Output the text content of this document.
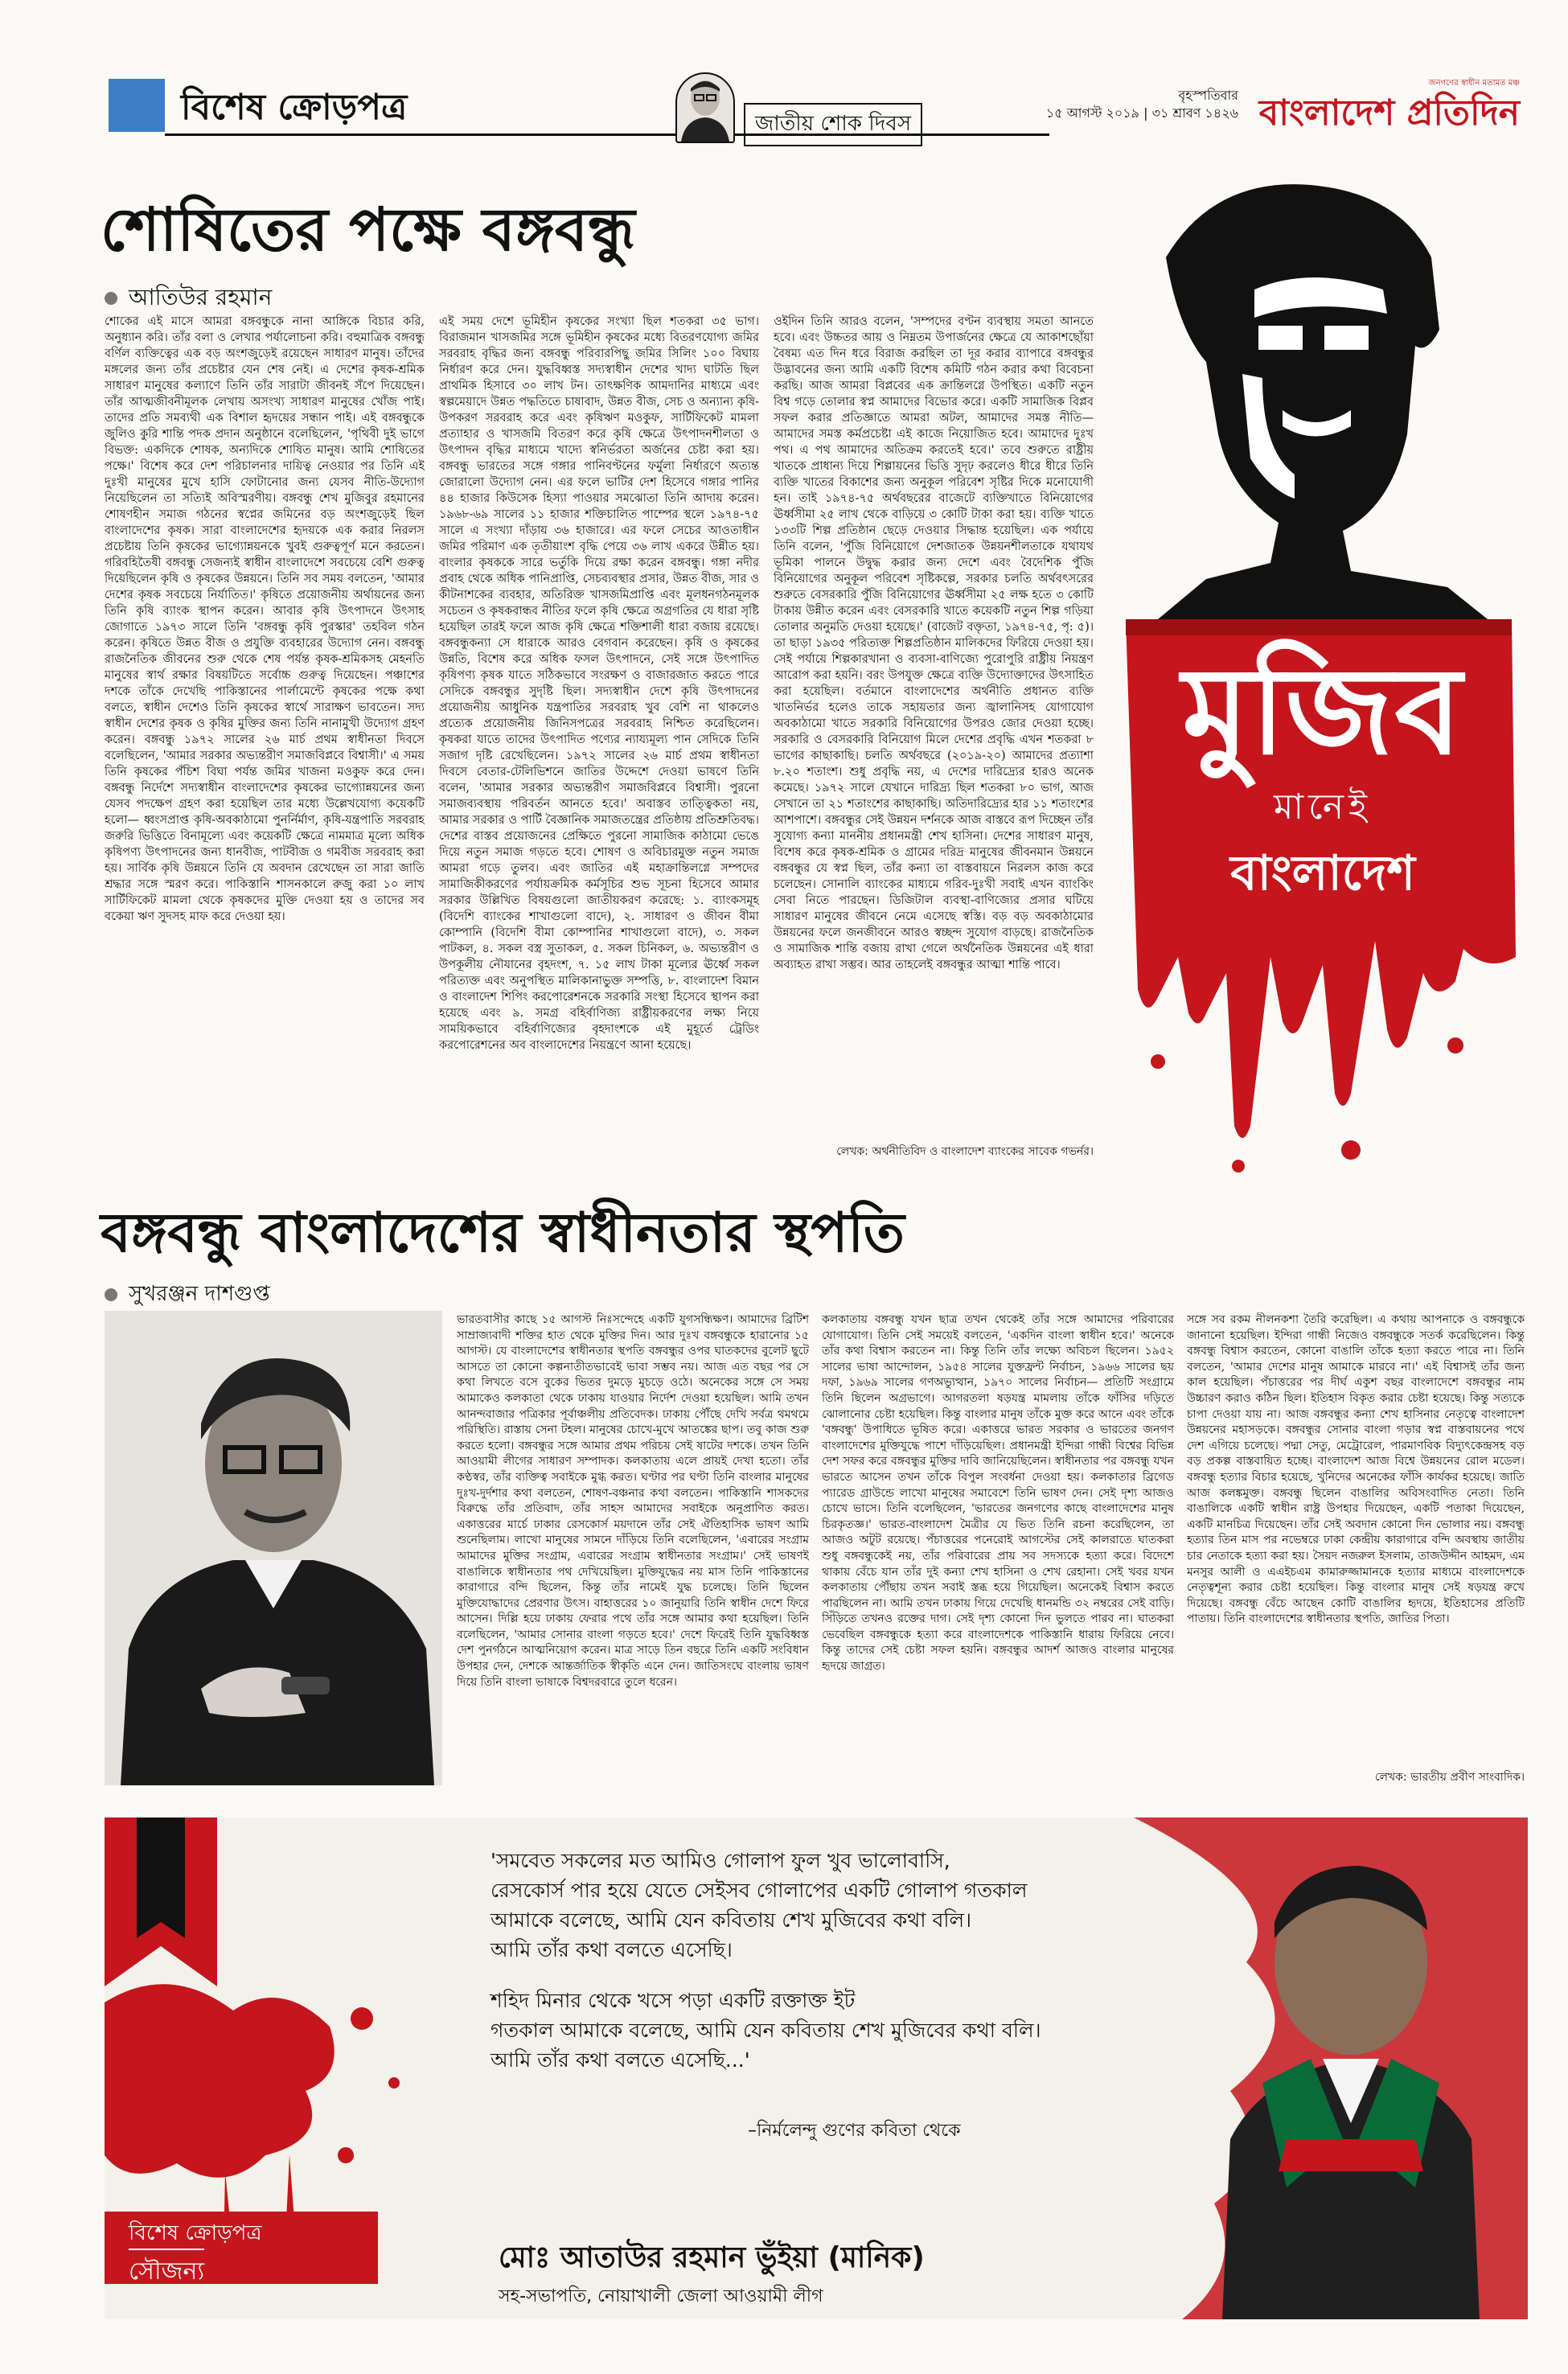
বিশেষ ক্রোড়পত্র	জাতীয় শোক দিবস
বৃহস্পতিবার
১৫ আগস্ট ২০১৯ | ৩১ শ্রাবণ ১৪২৬
জনগণের স্বাধীন মতামত মঞ্চ
বাংলাদেশ প্রতিদিন
শোষিতের পক্ষে বঙ্গবন্ধু
আতিউর রহমান
শোকের এই মাসে আমরা বঙ্গবন্ধুকে নানা আঙ্গিকে বিচার করি, অনুধ্যান করি। তাঁর বলা ও লেখার পর্যালোচনা করি। বহুমাত্রিক বঙ্গবন্ধু বর্ণিল ব্যক্তিত্বের এক বড় অংশজুড়েই রয়েছেন সাধারণ মানুষ। তাঁদের মঙ্গলের জন্য তাঁর প্রচেষ্টার যেন শেষ নেই। এ দেশের কৃষক-শ্রমিক সাধারণ মানুষের কল্যাণে তিনি তাঁর সারাটা জীবনই সঁপে দিয়েছেন। তাঁর আত্মজীবনীমূলক লেখায় অসংখ্য সাধারণ মানুষের খোঁজ পাই। তাদের প্রতি সমব্যথী এক বিশাল হৃদয়ের সন্ধান পাই। এই বঙ্গবন্ধুকে জুলিও কুরি শান্তি পদক প্রদান অনুষ্ঠানে বলেছিলেন, 'পৃথিবী দুই ভাগে বিভক্ত: একদিকে শোষক, অন্যদিকে শোষিত মানুষ। আমি শোষিতের পক্ষে।' বিশেষ করে দেশ পরিচালনার দায়িত্ব নেওয়ার পর তিনি এই দুঃখী মানুষের মুখে হাসি ফোটানোর জন্য যেসব নীতি-উদ্যোগ নিয়েছিলেন তা সত্যিই অবিস্মরণীয়। বঙ্গবন্ধু শেখ মুজিবুর রহমানের শোষণহীন সমাজ গঠনের স্বপ্নের জমিনের বড় অংশজুড়েই ছিল বাংলাদেশের কৃষক। সারা বাংলাদেশের হৃদয়কে এক করার নিরলস প্রচেষ্টায় তিনি কৃষকের ভাগ্যোন্নয়নকে খুবই গুরুত্বপূর্ণ মনে করতেন। গরিবহিতৈষী বঙ্গবন্ধু সেজন্যই স্বাধীন বাংলাদেশে সবচেয়ে বেশি গুরুত্ব দিয়েছিলেন কৃষি ও কৃষকের উন্নয়নে। তিনি সব সময় বলতেন, 'আমার দেশের কৃষক সবচেয়ে নির্যাতিত।' কৃষিতে প্রয়োজনীয় অর্থায়নের জন্য তিনি কৃষি ব্যাংক স্থাপন করেন। আবার কৃষি উৎপাদনে উৎসাহ জোগাতে ১৯৭৩ সালে তিনি 'বঙ্গবন্ধু কৃষি পুরস্কার' তহবিল গঠন করেন। কৃষিতে উন্নত বীজ ও প্রযুক্তি ব্যবহারের উদ্যোগ নেন। বঙ্গবন্ধু রাজনৈতিক জীবনের শুরু থেকে শেষ পর্যন্ত কৃষক-শ্রমিকসহ মেহনতি মানুষের স্বার্থ রক্ষার বিষয়টিতে সর্বোচ্চ গুরুত্ব দিয়েছেন। পঞ্চাশের দশকে তাঁকে দেখেছি পাকিস্তানের পার্লামেন্টে কৃষকের পক্ষে কথা বলতে, স্বাধীন দেশেও তিনি কৃষকের স্বার্থে সারাক্ষণ ভাবতেন। সদ্য স্বাধীন দেশের কৃষক ও কৃষির মুক্তির জন্য তিনি নানামুখী উদ্যোগ গ্রহণ করেন। বঙ্গবন্ধু ১৯৭২ সালের ২৬ মার্চ প্রথম স্বাধীনতা দিবসে বলেছিলেন, 'আমার সরকার অভ্যন্তরীণ সমাজবিপ্লবে বিশ্বাসী।' এ সময় তিনি কৃষকের পঁচিশ বিঘা পর্যন্ত জমির খাজনা মওকুফ করে দেন। বঙ্গবন্ধু নির্দেশে সদ্যস্বাধীন বাংলাদেশের কৃষকের ভাগ্যোন্নয়নের জন্য যেসব পদক্ষেপ গ্রহণ করা হয়েছিল তার মধ্যে উল্লেখযোগ্য কয়েকটি হলো— ধ্বংসপ্রাপ্ত কৃষি-অবকাঠামো পুনর্নির্মাণ, কৃষি-যন্ত্রপাতি সরবরাহ জরুরি ভিত্তিতে বিনামূল্যে এবং কয়েকটি ক্ষেত্রে নামমাত্র মূল্যে অধিক কৃষিপণ্য উৎপাদনের জন্য ধানবীজ, পাটবীজ ও গমবীজ সরবরাহ করা হয়। সার্বিক কৃষি উন্নয়নে তিনি যে অবদান রেখেছেন তা সারা জাতি শ্রদ্ধার সঙ্গে স্মরণ করে। পাকিস্তানি শাসনকালে রুজু করা ১০ লাখ সার্টিফিকেট মামলা থেকে কৃষকদের মুক্তি দেওয়া হয় ও তাদের সব বকেয়া ঋণ সুদসহ মাফ করে দেওয়া হয়।
এই সময় দেশে ভূমিহীন কৃষকের সংখ্যা ছিল শতকরা ৩৫ ভাগ। বিরাজমান খাসজমির সঙ্গে ভূমিহীন কৃষকের মধ্যে বিতরণযোগ্য জমির সরবরাহ বৃদ্ধির জন্য বঙ্গবন্ধু পরিবারপিছু জমির সিলিং ১০০ বিঘায় নির্ধারণ করে দেন। যুদ্ধবিধ্বস্ত সদ্যস্বাধীন দেশের খাদ্য ঘাটতি ছিল প্রাথমিক হিসাবে ৩০ লাখ টন। তাৎক্ষণিক আমদানির মাধ্যমে এবং স্বল্পমেয়াদে উন্নত পদ্ধতিতে চাষাবাদ, উন্নত বীজ, সেচ ও অন্যান্য কৃষি-উপকরণ সরবরাহ করে এবং কৃষিঋণ মওকুফ, সার্টিফিকেট মামলা প্রত্যাহার ও খাসজমি বিতরণ করে কৃষি ক্ষেত্রে উৎপাদনশীলতা ও উৎপাদন বৃদ্ধির মাধ্যমে খাদ্যে স্বনির্ভরতা অর্জনের চেষ্টা করা হয়। বঙ্গবন্ধু ভারতের সঙ্গে গঙ্গার পানিবণ্টনের ফর্মুলা নির্ধারণে অত্যন্ত জোরালো উদ্যোগ নেন। এর ফলে ভাটির দেশ হিসেবে গঙ্গার পানির ৪৪ হাজার কিউসেক হিস্যা পাওয়ার সমঝোতা তিনি আদায় করেন। ১৯৬৮-৬৯ সালের ১১ হাজার শক্তিচালিত পাম্পের স্থলে ১৯৭৪-৭৫ সালে এ সংখ্যা দাঁড়ায় ৩৬ হাজারে। এর ফলে সেচের আওতাধীন জমির পরিমাণ এক তৃতীয়াংশ বৃদ্ধি পেয়ে ৩৬ লাখ একরে উন্নীত হয়। বাংলার কৃষককে সারে ভর্তুকি দিয়ে রক্ষা করেন বঙ্গবন্ধু। গঙ্গা নদীর প্রবাহ থেকে অধিক পানিপ্রাপ্তি, সেচব্যবস্থার প্রসার, উন্নত বীজ, সার ও কীটনাশকের ব্যবহার, অতিরিক্ত খাসজমিপ্রাপ্তি এবং মূলধনগঠনমূলক সচেতন ও কৃষকবান্ধব নীতির ফলে কৃষি ক্ষেত্রে অগ্রগতির যে ধারা সৃষ্টি হয়েছিল তারই ফলে আজ কৃষি ক্ষেত্রে শক্তিশালী ধারা বজায় রয়েছে। বঙ্গবন্ধুকন্যা সে ধারাকে আরও বেগবান করেছেন। কৃষি ও কৃষকের উন্নতি, বিশেষ করে অধিক ফসল উৎপাদনে, সেই সঙ্গে উৎপাদিত কৃষিপণ্য কৃষক যাতে সঠিকভাবে সংরক্ষণ ও বাজারজাত করতে পারে সেদিকে বঙ্গবন্ধুর সুদৃষ্টি ছিল। সদ্যস্বাধীন দেশে কৃষি উৎপাদনের প্রয়োজনীয় আধুনিক যন্ত্রপাতির সরবরাহ খুব বেশি না থাকলেও প্রত্যেক প্রয়োজনীয় জিনিসপত্রের সরবরাহ নিশ্চিত করেছিলেন। কৃষকরা যাতে তাদের উৎপাদিত পণ্যের ন্যায্যমূল্য পান সেদিকে তিনি সজাগ দৃষ্টি রেখেছিলেন। ১৯৭২ সালের ২৬ মার্চ প্রথম স্বাধীনতা দিবসে বেতার-টেলিভিশনে জাতির উদ্দেশে দেওয়া ভাষণে তিনি বলেন, 'আমার সরকার অভ্যন্তরীণ সমাজবিপ্লবে বিশ্বাসী। পুরনো সমাজব্যবস্থায় পরিবর্তন আনতে হবে।' অবাস্তব তাত্ত্বিকতা নয়, আমার সরকার ও পার্টি বৈজ্ঞানিক সমাজতন্ত্রের প্রতিষ্ঠায় প্রতিশ্রুতিবদ্ধ। দেশের বাস্তব প্রয়োজনের প্রেক্ষিতে পুরনো সামাজিক কাঠামো ভেঙে দিয়ে নতুন সমাজ গড়তে হবে। শোষণ ও অবিচারমুক্ত নতুন সমাজ আমরা গড়ে তুলব। এবং জাতির এই মহাক্রান্তিলগ্নে সম্পদের সামাজিকীকরণের পর্যায়ক্রমিক কর্মসূচির শুভ সূচনা হিসেবে আমার সরকার উল্লিখিত বিষয়গুলো জাতীয়করণ করেছে: ১. ব্যাংকসমূহ (বিদেশি ব্যাংকের শাখাগুলো বাদে), ২. সাধারণ ও জীবন বীমা কোম্পানি (বিদেশি বীমা কোম্পানির শাখাগুলো বাদে), ৩. সকল পাটকল, ৪. সকল বস্ত্র সুতাকল, ৫. সকল চিনিকল, ৬. অভ্যন্তরীণ ও উপকূলীয় নৌযানের বৃহদংশ, ৭. ১৫ লাখ টাকা মূল্যের ঊর্ধ্বে সকল পরিত্যক্ত এবং অনুপস্থিত মালিকানাভুক্ত সম্পত্তি, ৮. বাংলাদেশ বিমান ও বাংলাদেশ শিপিং করপোরেশনকে সরকারি সংস্থা হিসেবে স্থাপন করা হয়েছে এবং ৯. সমগ্র বহির্বাণিজ্য রাষ্ট্রীয়করণের লক্ষ্য নিয়ে সাময়িকভাবে বহির্বাণিজ্যের বৃহদাংশকে এই মুহূর্তে ট্রেডিং করপোরেশনের অব বাংলাদেশের নিয়ন্ত্রণে আনা হয়েছে।
ওইদিন তিনি আরও বলেন, 'সম্পদের বণ্টন ব্যবস্থায় সমতা আনতে হবে। এবং উচ্চতর আয় ও নিম্নতম উপার্জনের ক্ষেত্রে যে আকাশছোঁয়া বৈষম্য এত দিন ধরে বিরাজ করছিল তা দূর করার ব্যাপারে বঙ্গবন্ধুর উদ্ভাবনের জন্য আমি একটি বিশেষ কমিটি গঠন করার কথা বিবেচনা করছি। আজ আমরা বিপ্লবের এক ক্রান্তিলগ্নে উপস্থিত। একটি নতুন বিশ্ব গড়ে তোলার স্বপ্ন আমাদের বিভোর করে। একটি সামাজিক বিপ্লব সফল করার প্রতিজ্ঞাতে আমরা অটল, আমাদের সমস্ত নীতি— আমাদের সমস্ত কর্মপ্রচেষ্টা এই কাজে নিয়োজিত হবে। আমাদের দুঃখ পথ। এ পথ আমাদের অতিক্রম করতেই হবে।' তবে শুরুতে রাষ্ট্রীয় খাতকে প্রাধান্য দিয়ে শিল্পায়নের ভিত্তি সুদৃঢ় করলেও ধীরে ধীরে তিনি ব্যক্তি খাতের বিকাশের জন্য অনুকূল পরিবেশ সৃষ্টির দিকে মনোযোগী হন। তাই ১৯৭৪-৭৫ অর্থবছরের বাজেটে ব্যক্তিখাতে বিনিয়োগের ঊর্ধ্বসীমা ২৫ লাখ থেকে বাড়িয়ে ৩ কোটি টাকা করা হয়। ব্যক্তি খাতে ১৩৩টি শিল্প প্রতিষ্ঠান ছেড়ে দেওয়ার সিদ্ধান্ত হয়েছিল। এক পর্যায়ে তিনি বলেন, 'পুঁজি বিনিয়োগে দেশজাতক উন্নয়নশীলতাকে যথাযথ ভূমিকা পালনে উদ্বুদ্ধ করার জন্য দেশে এবং বৈদেশিক পুঁজি বিনিয়োগের অনুকূল পরিবেশ সৃষ্টিকল্পে, সরকার চলতি অর্থবৎসরের শুরুতে বেসরকারি পুঁজি বিনিয়োগের ঊর্ধ্বসীমা ২৫ লক্ষ হতে ৩ কোটি টাকায় উন্নীত করেন এবং বেসরকারি খাতে কয়েকটি নতুন শিল্প গড়িয়া তোলার অনুমতি দেওয়া হয়েছে।' (বাজেট বক্তৃতা, ১৯৭৪-৭৫, পৃ: ৫)। তা ছাড়া ১৯৩৫ পরিত্যক্ত শিল্পপ্রতিষ্ঠান মালিকদের ফিরিয়ে দেওয়া হয়। সেই পর্যায়ে শিল্পকারখানা ও ব্যবসা-বাণিজ্যে পুরোপুরি রাষ্ট্রীয় নিয়ন্ত্রণ আরোপ করা হয়নি। বরং উপযুক্ত ক্ষেত্রে ব্যক্তি উদ্যোক্তাদের উৎসাহিত করা হয়েছিল। বর্তমানে বাংলাদেশের অর্থনীতি প্রধানত ব্যক্তি খাতনির্ভর হলেও তাকে সহায়তার জন্য জ্বালানিসহ যোগাযোগ অবকাঠামো খাতে সরকারি বিনিয়োগের উপরও জোর দেওয়া হচ্ছে। সরকারি ও বেসরকারি বিনিয়োগ মিলে দেশের প্রবৃদ্ধি এখন শতকরা ৮ ভাগের কাছাকাছি। চলতি অর্থবছরে (২০১৯-২০) আমাদের প্রত্যাশা ৮.২০ শতাংশ। শুধু প্রবৃদ্ধি নয়, এ দেশের দারিদ্র্যের হারও অনেক কমেছে। ১৯৭২ সালে যেখানে দারিদ্র্য ছিল শতকরা ৮০ ভাগ, আজ সেখানে তা ২১ শতাংশের কাছাকাছি। অতিদারিদ্র্যের হার ১১ শতাংশের আশপাশে। বঙ্গবন্ধুর সেই উন্নয়ন দর্শনকে আজ বাস্তবে রূপ দিচ্ছেন তাঁর সুযোগ্য কন্যা মাননীয় প্রধানমন্ত্রী শেখ হাসিনা। দেশের সাধারণ মানুষ, বিশেষ করে কৃষক-শ্রমিক ও গ্রামের দরিদ্র মানুষের জীবনমান উন্নয়নে বঙ্গবন্ধুর যে স্বপ্ন ছিল, তাঁর কন্যা তা বাস্তবায়নে নিরলস কাজ করে চলেছেন। সোনালি ব্যাংকের মাধ্যমে গরিব-দুঃখী সবাই এখন ব্যাংকিং সেবা নিতে পারছেন। ডিজিটাল ব্যবস্থা-বাণিজ্যের প্রসার ঘটিয়ে সাধারণ মানুষের জীবনে নেমে এসেছে স্বস্তি। বড় বড় অবকাঠামোর উন্নয়নের ফলে জনজীবনে আরও স্বচ্ছন্দ সুযোগ বাড়ছে। রাজনৈতিক ও সামাজিক শান্তি বজায় রাখা গেলে অর্থনৈতিক উন্নয়নের এই ধারা অব্যাহত রাখা সম্ভব। আর তাহলেই বঙ্গবন্ধুর আত্মা শান্তি পাবে।
লেখক: অর্থনীতিবিদ ও বাংলাদেশ ব্যাংকের সাবেক গভর্নর।
মুজিব
মানেই
বাংলাদেশ
বঙ্গবন্ধু বাংলাদেশের স্বাধীনতার স্থপতি
সুখরঞ্জন দাশগুপ্ত
ভারতবাসীর কাছে ১৫ আগস্ট নিঃসন্দেহে একটি যুগসন্ধিক্ষণ। আমাদের ব্রিটিশ সাম্রাজ্যবাদী শক্তির হাত থেকে মুক্তির দিন। আর দুঃখ বঙ্গবন্ধুকে হারানোর ১৫ আগস্ট। যে বাংলাদেশের স্বাধীনতার স্থপতি বঙ্গবন্ধুর ওপর ঘাতকদের বুলেট ছুটে আসতে তা কোনো কল্পনাতীতভাবেই ভাবা সম্ভব নয়। আজ এত বছর পর সে কথা লিখতে বসে বুকের ভিতর দুমড়ে মুচড়ে ওঠে। অনেকের সঙ্গে সে সময় আমাকেও কলকাতা থেকে ঢাকায় যাওয়ার নির্দেশ দেওয়া হয়েছিল। আমি তখন আনন্দবাজার পত্রিকার পূর্বাঞ্চলীয় প্রতিবেদক। ঢাকায় পৌঁছে দেখি সর্বত্র থমথমে পরিস্থিতি। রাস্তায় সেনা টহল। মানুষের চোখে-মুখে আতঙ্কের ছাপ। তবু কাজ শুরু করতে হলো। বঙ্গবন্ধুর সঙ্গে আমার প্রথম পরিচয় সেই ষাটের দশকে। তখন তিনি আওয়ামী লীগের সাধারণ সম্পাদক। কলকাতায় এলে প্রায়ই দেখা হতো। তাঁর কণ্ঠস্বর, তাঁর ব্যক্তিত্ব সবাইকে মুগ্ধ করত। ঘণ্টার পর ঘণ্টা তিনি বাংলার মানুষের দুঃখ-দুর্দশার কথা বলতেন, শোষণ-বঞ্চনার কথা বলতেন। পাকিস্তানি শাসকদের বিরুদ্ধে তাঁর প্রতিবাদ, তাঁর সাহস আমাদের সবাইকে অনুপ্রাণিত করত। একাত্তরের মার্চে ঢাকার রেসকোর্স ময়দানে তাঁর সেই ঐতিহাসিক ভাষণ আমি শুনেছিলাম। লাখো মানুষের সামনে দাঁড়িয়ে তিনি বলেছিলেন, 'এবারের সংগ্রাম আমাদের মুক্তির সংগ্রাম, এবারের সংগ্রাম স্বাধীনতার সংগ্রাম।' সেই ভাষণই বাঙালিকে স্বাধীনতার পথ দেখিয়েছিল। মুক্তিযুদ্ধের নয় মাস তিনি পাকিস্তানের কারাগারে বন্দি ছিলেন, কিন্তু তাঁর নামেই যুদ্ধ চলেছে। তিনি ছিলেন মুক্তিযোদ্ধাদের প্রেরণার উৎস। বাহাত্তরের ১০ জানুয়ারি তিনি স্বাধীন দেশে ফিরে আসেন। দিল্লি হয়ে ঢাকায় ফেরার পথে তাঁর সঙ্গে আমার কথা হয়েছিল। তিনি বলেছিলেন, 'আমার সোনার বাংলা গড়তে হবে।' দেশে ফিরেই তিনি যুদ্ধবিধ্বস্ত দেশ পুনর্গঠনে আত্মনিয়োগ করেন। মাত্র সাড়ে তিন বছরে তিনি একটি সংবিধান উপহার দেন, দেশকে আন্তর্জাতিক স্বীকৃতি এনে দেন। জাতিসংঘে বাংলায় ভাষণ দিয়ে তিনি বাংলা ভাষাকে বিশ্বদরবারে তুলে ধরেন।
কলকাতায় বঙ্গবন্ধু যখন ছাত্র তখন থেকেই তাঁর সঙ্গে আমাদের পরিবারের যোগাযোগ। তিনি সেই সময়েই বলতেন, 'একদিন বাংলা স্বাধীন হবে।' অনেকে তাঁর কথা বিশ্বাস করতেন না। কিন্তু তিনি তাঁর লক্ষ্যে অবিচল ছিলেন। ১৯৫২ সালের ভাষা আন্দোলন, ১৯৫৪ সালের যুক্তফ্রন্ট নির্বাচন, ১৯৬৬ সালের ছয় দফা, ১৯৬৯ সালের গণঅভ্যুত্থান, ১৯৭০ সালের নির্বাচন— প্রতিটি সংগ্রামে তিনি ছিলেন অগ্রভাগে। আগরতলা ষড়যন্ত্র মামলায় তাঁকে ফাঁসির দড়িতে ঝোলানোর চেষ্টা হয়েছিল। কিন্তু বাংলার মানুষ তাঁকে মুক্ত করে আনে এবং তাঁকে 'বঙ্গবন্ধু' উপাধিতে ভূষিত করে। একাত্তরে ভারত সরকার ও ভারতের জনগণ বাংলাদেশের মুক্তিযুদ্ধে পাশে দাঁড়িয়েছিল। প্রধানমন্ত্রী ইন্দিরা গান্ধী বিশ্বের বিভিন্ন দেশ সফর করে বঙ্গবন্ধুর মুক্তির দাবি জানিয়েছিলেন। স্বাধীনতার পর বঙ্গবন্ধু যখন ভারতে আসেন তখন তাঁকে বিপুল সংবর্ধনা দেওয়া হয়। কলকাতার ব্রিগেড প্যারেড গ্রাউন্ডে লাখো মানুষের সমাবেশে তিনি ভাষণ দেন। সেই দৃশ্য আজও চোখে ভাসে। তিনি বলেছিলেন, 'ভারতের জনগণের কাছে বাংলাদেশের মানুষ চিরকৃতজ্ঞ।' ভারত-বাংলাদেশ মৈত্রীর যে ভিত তিনি রচনা করেছিলেন, তা আজও অটুট রয়েছে। পঁচাত্তরের পনেরোই আগস্টের সেই কালরাতে ঘাতকরা শুধু বঙ্গবন্ধুকেই নয়, তাঁর পরিবারের প্রায় সব সদস্যকে হত্যা করে। বিদেশে থাকায় বেঁচে যান তাঁর দুই কন্যা শেখ হাসিনা ও শেখ রেহানা। সেই খবর যখন কলকাতায় পৌঁছায় তখন সবাই স্তব্ধ হয়ে গিয়েছিল। অনেকেই বিশ্বাস করতে পারছিলেন না। আমি তখন ঢাকায় গিয়ে দেখেছি ধানমন্ডি ৩২ নম্বরের সেই বাড়ি। সিঁড়িতে তখনও রক্তের দাগ। সেই দৃশ্য কোনো দিন ভুলতে পারব না। ঘাতকরা ভেবেছিল বঙ্গবন্ধুকে হত্যা করে বাংলাদেশকে পাকিস্তানি ধারায় ফিরিয়ে নেবে। কিন্তু তাদের সেই চেষ্টা সফল হয়নি। বঙ্গবন্ধুর আদর্শ আজও বাংলার মানুষের হৃদয়ে জাগ্রত।
সঙ্গে সব রকম নীলনকশা তৈরি করেছিল। এ কথায় আপনাকে ও বঙ্গবন্ধুকে জানানো হয়েছিল। ইন্দিরা গান্ধী নিজেও বঙ্গবন্ধুকে সতর্ক করেছিলেন। কিন্তু বঙ্গবন্ধু বিশ্বাস করতেন, কোনো বাঙালি তাঁকে হত্যা করতে পারে না। তিনি বলতেন, 'আমার দেশের মানুষ আমাকে মারবে না।' এই বিশ্বাসই তাঁর জন্য কাল হয়েছিল। পঁচাত্তরের পর দীর্ঘ একুশ বছর বাংলাদেশে বঙ্গবন্ধুর নাম উচ্চারণ করাও কঠিন ছিল। ইতিহাস বিকৃত করার চেষ্টা হয়েছে। কিন্তু সত্যকে চাপা দেওয়া যায় না। আজ বঙ্গবন্ধুর কন্যা শেখ হাসিনার নেতৃত্বে বাংলাদেশ উন্নয়নের মহাসড়কে। বঙ্গবন্ধুর সোনার বাংলা গড়ার স্বপ্ন বাস্তবায়নের পথে দেশ এগিয়ে চলেছে। পদ্মা সেতু, মেট্রোরেল, পারমাণবিক বিদ্যুৎকেন্দ্রসহ বড় বড় প্রকল্প বাস্তবায়িত হচ্ছে। বাংলাদেশ আজ বিশ্বে উন্নয়নের রোল মডেল। বঙ্গবন্ধু হত্যার বিচার হয়েছে, খুনিদের অনেকের ফাঁসি কার্যকর হয়েছে। জাতি আজ কলঙ্কমুক্ত। বঙ্গবন্ধু ছিলেন বাঙালির অবিসংবাদিত নেতা। তিনি বাঙালিকে একটি স্বাধীন রাষ্ট্র উপহার দিয়েছেন, একটি পতাকা দিয়েছেন, একটি মানচিত্র দিয়েছেন। তাঁর সেই অবদান কোনো দিন ভোলার নয়। বঙ্গবন্ধু হত্যার তিন মাস পর নভেম্বরে ঢাকা কেন্দ্রীয় কারাগারে বন্দি অবস্থায় জাতীয় চার নেতাকে হত্যা করা হয়। সৈয়দ নজরুল ইসলাম, তাজউদ্দীন আহমদ, এম মনসুর আলী ও এএইচএম কামারুজ্জামানকে হত্যার মাধ্যমে বাংলাদেশকে নেতৃত্বশূন্য করার চেষ্টা হয়েছিল। কিন্তু বাংলার মানুষ সেই ষড়যন্ত্র রুখে দিয়েছে। বঙ্গবন্ধু বেঁচে আছেন কোটি বাঙালির হৃদয়ে, ইতিহাসের প্রতিটি পাতায়। তিনি বাংলাদেশের স্বাধীনতার স্থপতি, জাতির পিতা।
লেখক: ভারতীয় প্রবীণ সাংবাদিক।
'সমবেত সকলের মত আমিও গোলাপ ফুল খুব ভালোবাসি,
রেসকোর্স পার হয়ে যেতে সেইসব গোলাপের একটি গোলাপ গতকাল
আমাকে বলেছে, আমি যেন কবিতায় শেখ মুজিবের কথা বলি।
আমি তাঁর কথা বলতে এসেছি।
শহিদ মিনার থেকে খসে পড়া একটি রক্তাক্ত ইট
গতকাল আমাকে বলেছে, আমি যেন কবিতায় শেখ মুজিবের কথা বলি।
আমি তাঁর কথা বলতে এসেছি...'
–নির্মলেন্দু গুণের কবিতা থেকে
বিশেষ ক্রোড়পত্র
সৌজন্য	মোঃ আতাউর রহমান ভুঁইয়া (মানিক)
সহ-সভাপতি, নোয়াখালী জেলা আওয়ামী লীগ
